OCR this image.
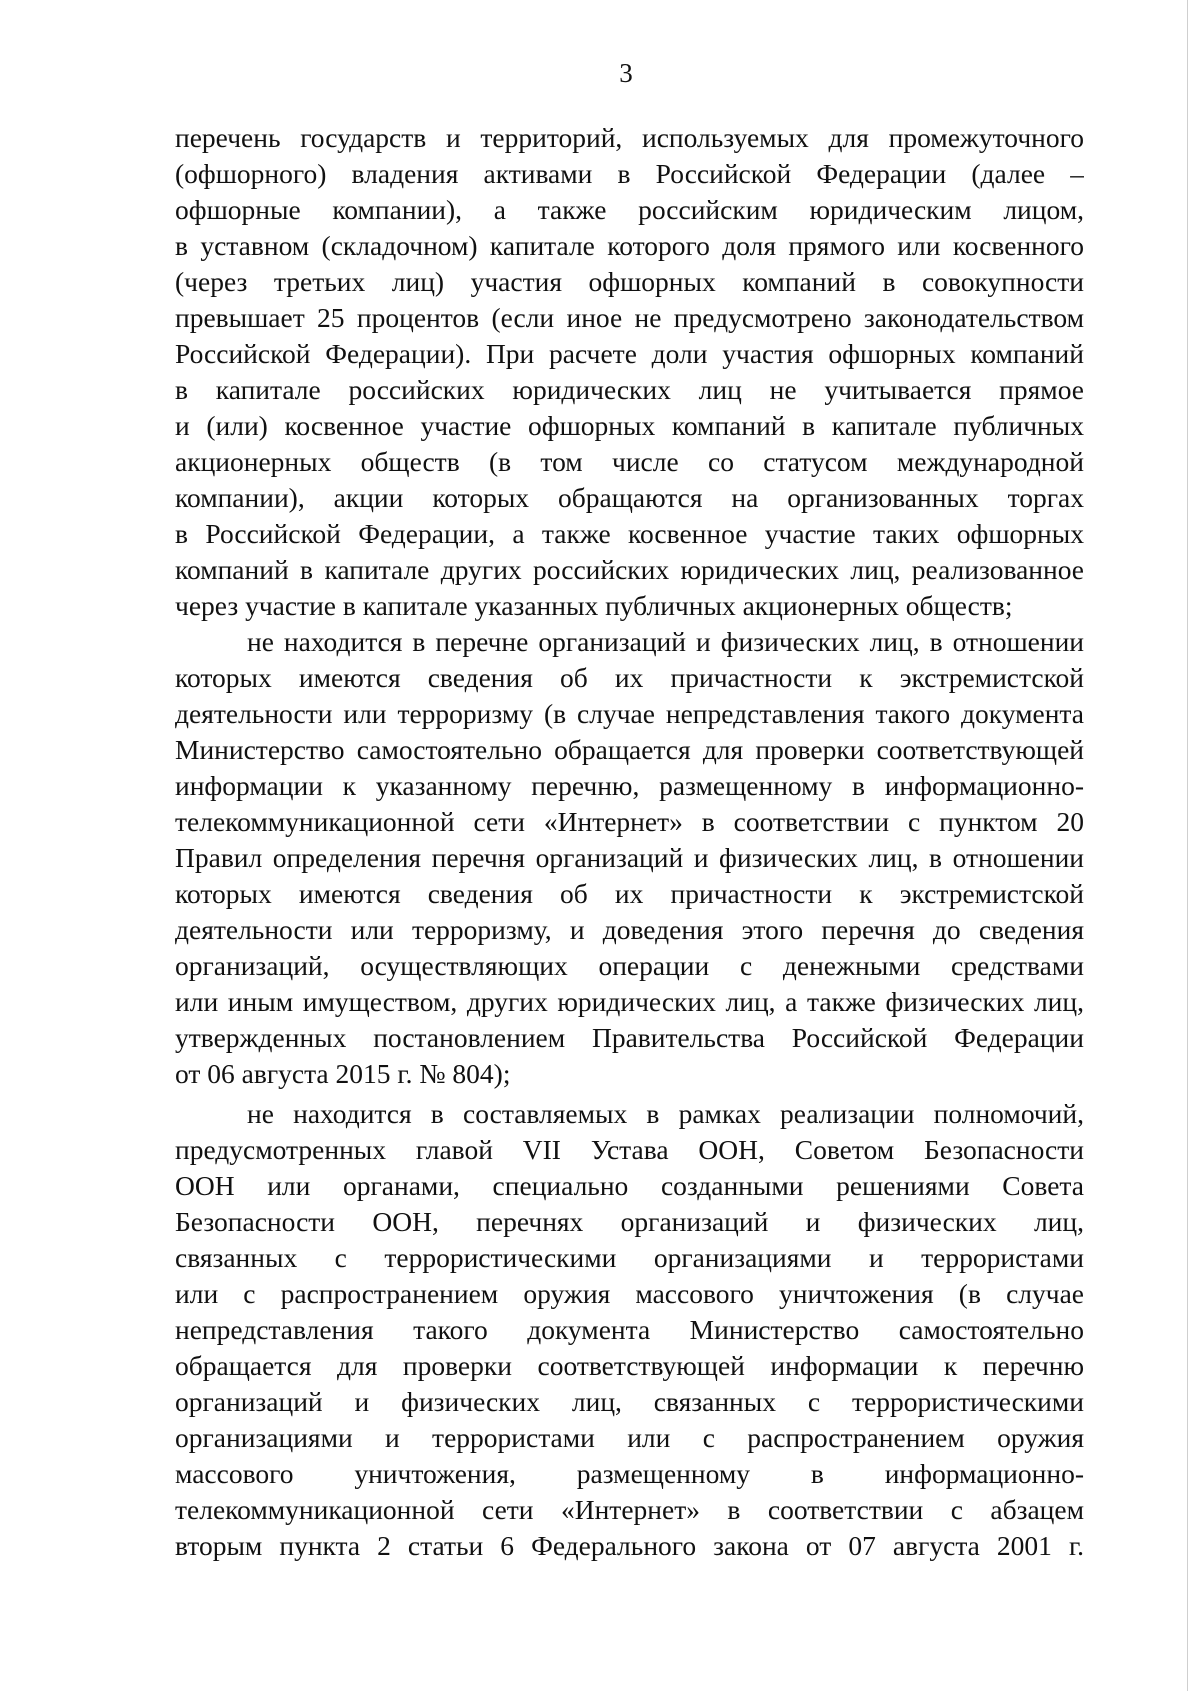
3
перечень государств и территорий, используемых для промежуточного
(офшорного) владения активами в Российской Федерации (далее –
офшорные компании), а также российским юридическим лицом,
в уставном (складочном) капитале которого доля прямого или косвенного
(через третьих лиц) участия офшорных компаний в совокупности
превышает 25 процентов (если иное не предусмотрено законодательством
Российской Федерации). При расчете доли участия офшорных компаний
в капитале российских юридических лиц не учитывается прямое
и (или) косвенное участие офшорных компаний в капитале публичных
акционерных обществ (в том числе со статусом международной
компании), акции которых обращаются на организованных торгах
в Российской Федерации, а также косвенное участие таких офшорных
компаний в капитале других российских юридических лиц, реализованное
через участие в капитале указанных публичных акционерных обществ;
не находится в перечне организаций и физических лиц, в отношении
которых имеются сведения об их причастности к экстремистской
деятельности или терроризму (в случае непредставления такого документа
Министерство самостоятельно обращается для проверки соответствующей
информации к указанному перечню, размещенному в информационно-
телекоммуникационной сети «Интернет» в соответствии с пунктом 20
Правил определения перечня организаций и физических лиц, в отношении
которых имеются сведения об их причастности к экстремистской
деятельности или терроризму, и доведения этого перечня до сведения
организаций, осуществляющих операции с денежными средствами
или иным имуществом, других юридических лиц, а также физических лиц,
утвержденных постановлением Правительства Российской Федерации
от 06 августа 2015 г. № 804);
не находится в составляемых в рамках реализации полномочий,
предусмотренных главой VII Устава ООН, Советом Безопасности
ООН или органами, специально созданными решениями Совета
Безопасности ООН, перечнях организаций и физических лиц,
связанных с террористическими организациями и террористами
или с распространением оружия массового уничтожения (в случае
непредставления такого документа Министерство самостоятельно
обращается для проверки соответствующей информации к перечню
организаций и физических лиц, связанных с террористическими
организациями и террористами или с распространением оружия
массового уничтожения, размещенному в информационно-
телекоммуникационной сети «Интернет» в соответствии с абзацем
вторым пункта 2 статьи 6 Федерального закона от 07 августа 2001 г.
